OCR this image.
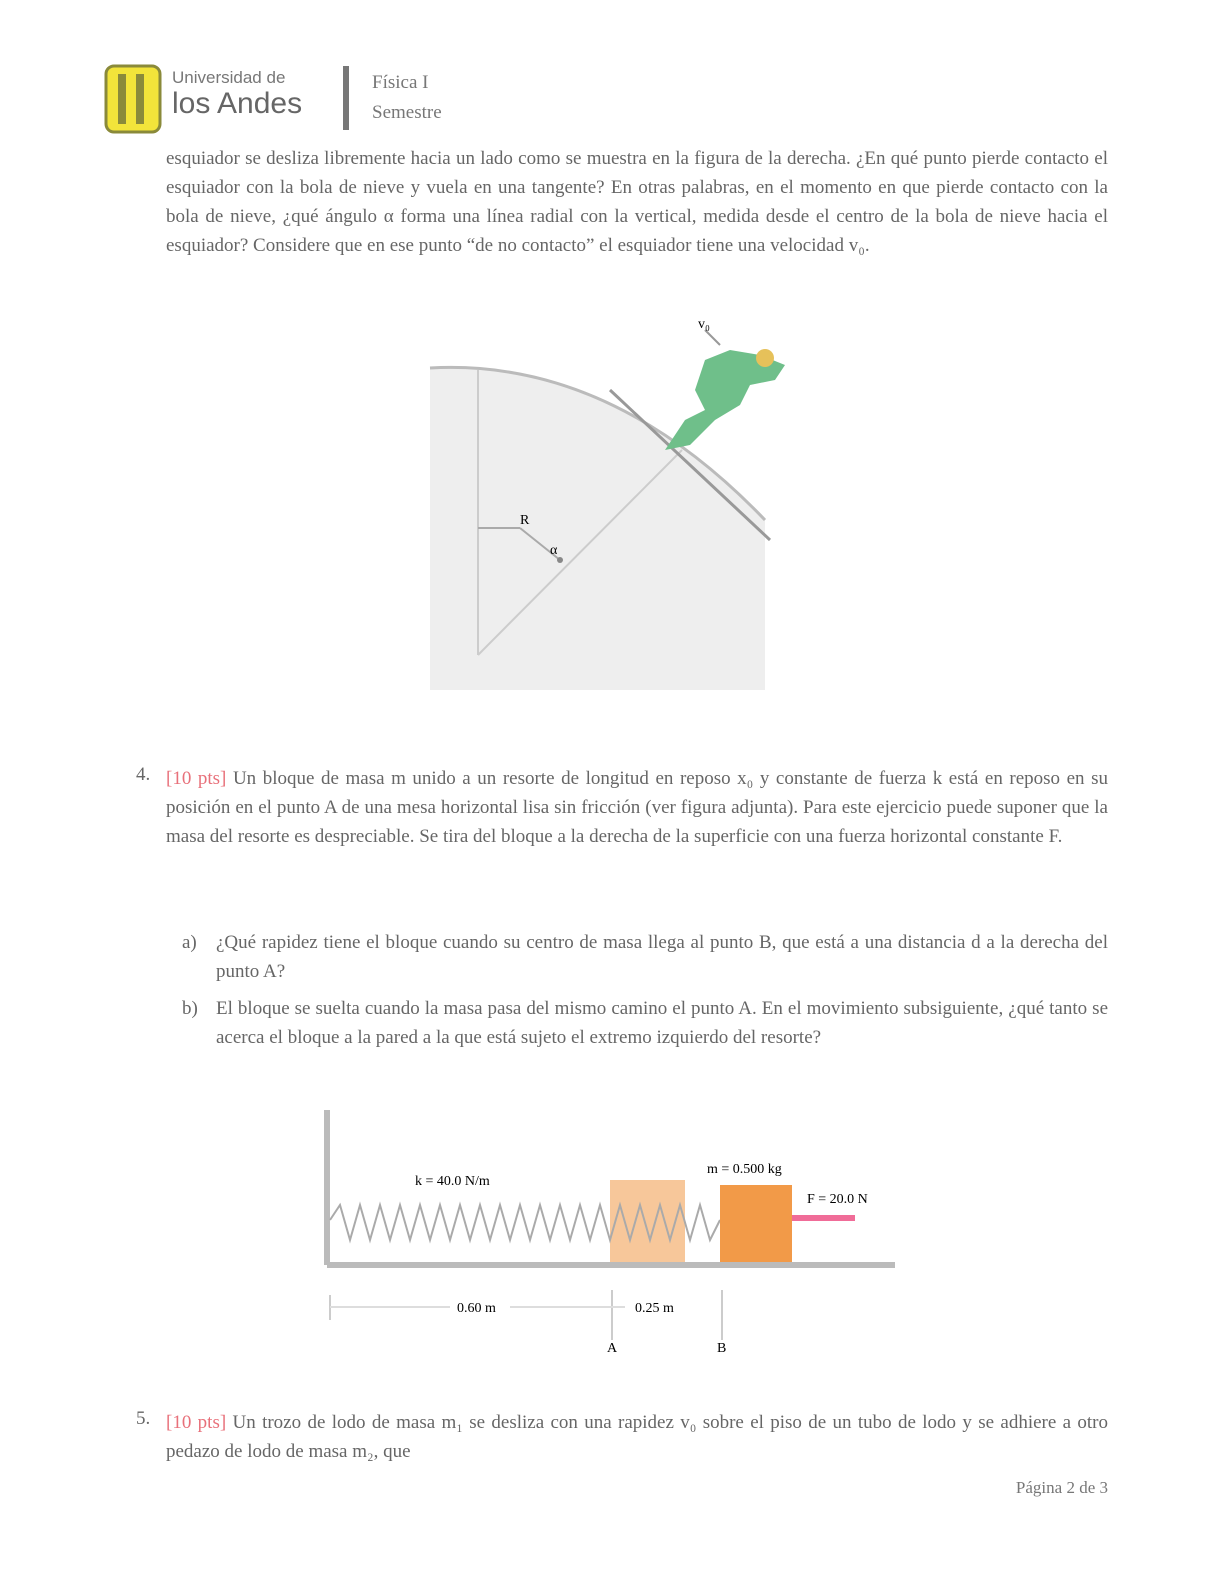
Universidad de
los Andes
Física I
Semestre
esquiador se desliza libremente hacia un lado como se muestra en la figura de la derecha. ¿En qué punto pierde contacto el esquiador con la bola de nieve y vuela en una tangente? En otras palabras, en el momento en que pierde contacto con la bola de nieve, ¿qué ángulo α forma una línea radial con la vertical, medida desde el centro de la bola de nieve hacia el esquiador? Considere que en ese punto “de no contacto” el esquiador tiene una velocidad v₀.
R
α
v₀
4. [10 pts] Un bloque de masa m unido a un resorte de longitud en reposo x₀ y constante de fuerza k está en reposo en su posición en el punto A de una mesa horizontal lisa sin fricción (ver figura adjunta). Para este ejercicio puede suponer que la masa del resorte es despreciable. Se tira del bloque a la derecha de la superficie con una fuerza horizontal constante F.
a) ¿Qué rapidez tiene el bloque cuando su centro de masa llega al punto B, que está a una distancia d a la derecha del punto A?
b) El bloque se suelta cuando la masa pasa del mismo camino el punto A. En el movimiento subsiguiente, ¿qué tanto se acerca el bloque a la pared a la que está sujeto el extremo izquierdo del resorte?
k = 40.0 N/m
m = 0.500 kg
F = 20.0 N
0.60 m	0.25 m
A	B
5. [10 pts] Un trozo de lodo de masa m₁ se desliza con una rapidez v₀ sobre el piso de un tubo de lodo y se adhiere a otro pedazo de lodo de masa m₂, que
Página 2 de 3
